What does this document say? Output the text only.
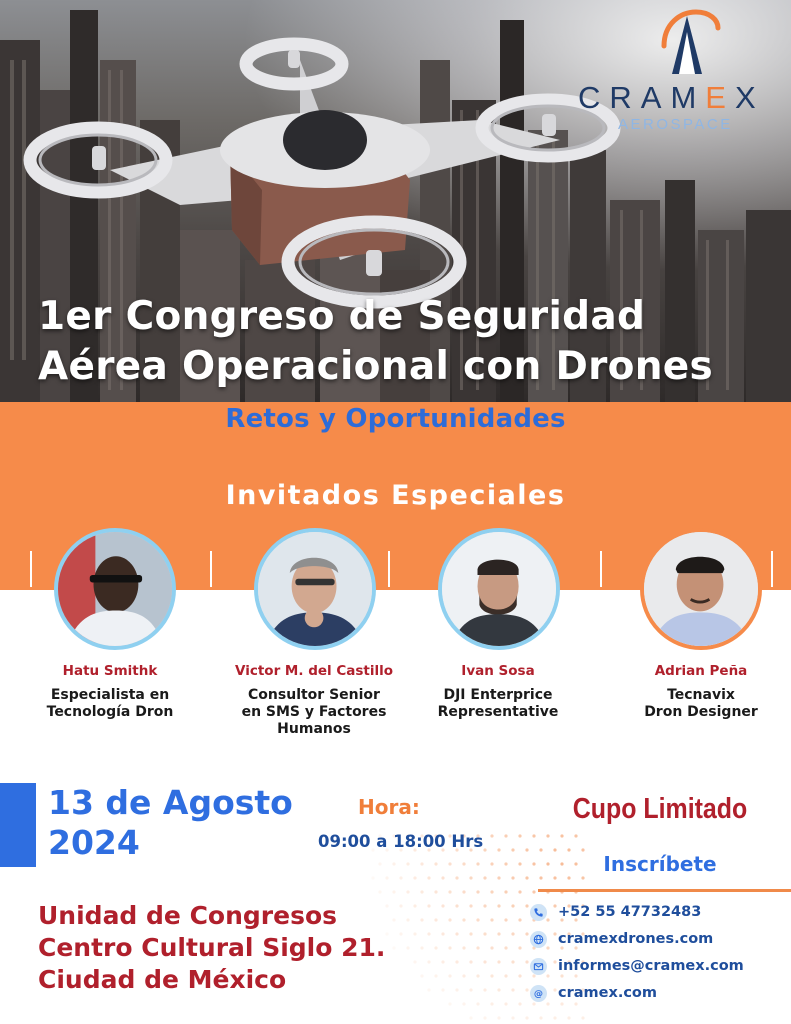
CRAMEX
AEROSPACE
1er Congreso de Seguridad
Aérea Operacional con Drones
Retos y Oportunidades
Invitados Especiales
Hatu Smithk
Especialista en
Tecnología Dron
Victor M. del Castillo
Consultor Senior
en SMS y Factores
Humanos
Ivan Sosa
DJI Enterprice
Representative
Adrian Peña
Tecnavix
Dron Designer
13 de Agosto
2024
Hora:
09:00 a 18:00 Hrs
Cupo Limitado
Inscríbete
Unidad de Congresos
Centro Cultural Siglo 21.
Ciudad de México
+52 55 47732483
cramexdrones.com
informes@cramex.com
@ cramex.com
